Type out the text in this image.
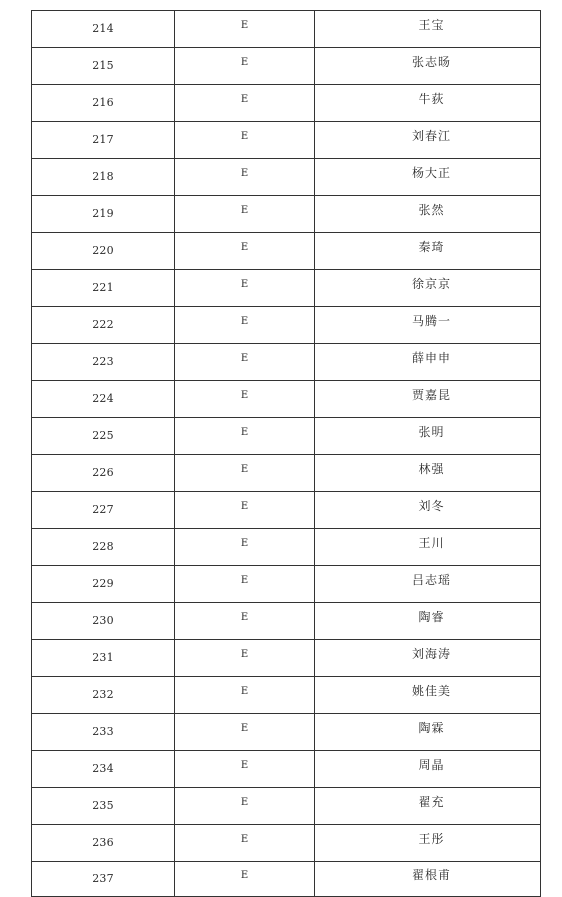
214	E	王宝
215	E	张志旸
216	E	牛荻
217	E	刘春江
218	E	杨大正
219	E	张然
220	E	秦琦
221	E	徐京京
222	E	马腾一
223	E	薛申申
224	E	贾嘉昆
225	E	张明
226	E	林强
227	E	刘冬
228	E	王川
229	E	吕志瑶
230	E	陶睿
231	E	刘海涛
232	E	姚佳美
233	E	陶霖
234	E	周晶
235	E	翟充
236	E	王彤
237	E	翟根甫
